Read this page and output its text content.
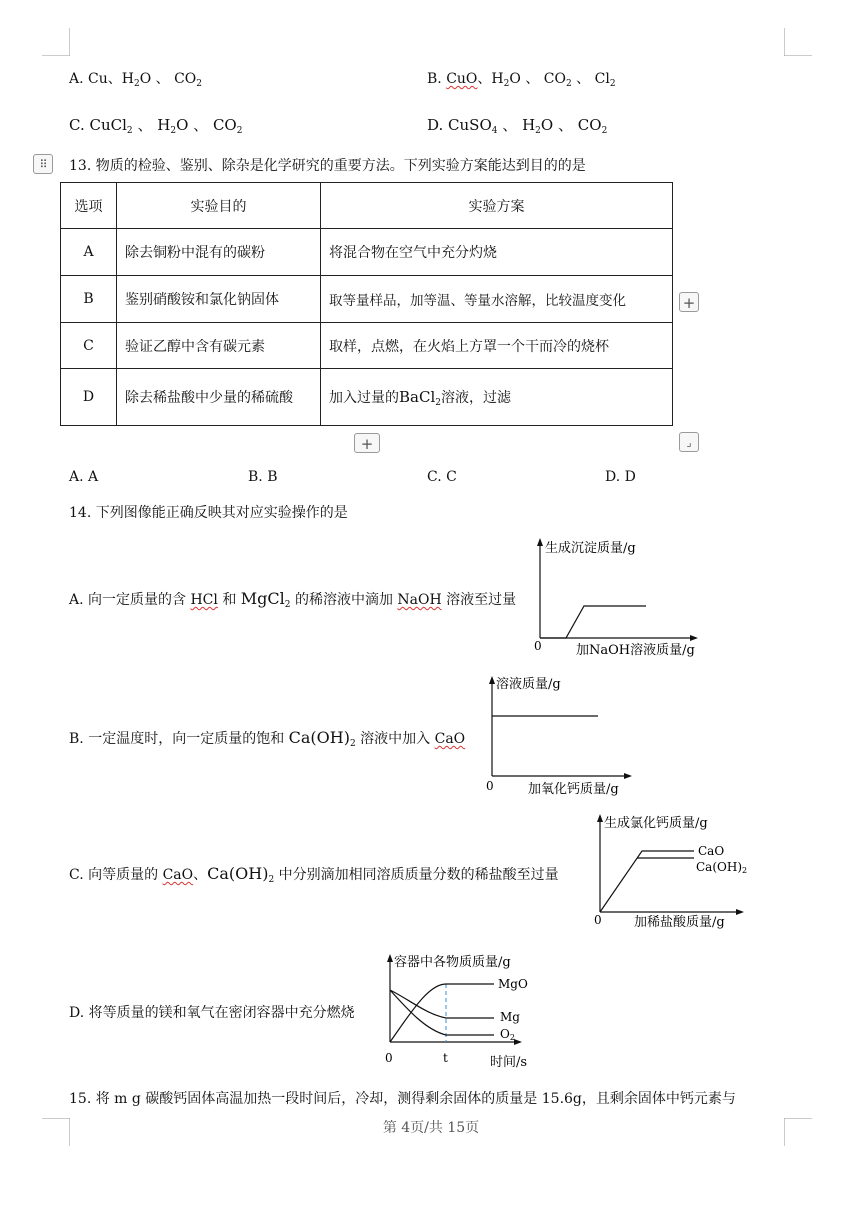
A. Cu、$H_2O$ 、 $CO_2$	B. CuO、$H_2O$ 、 $CO_2$ 、 $Cl_2$
C. CuCl$_2$ 、 $H_2O$ 、 $CO_2$	D. CuSO$_4$ 、 $H_2O$ 、 $CO_2$
⠿	13. 物质的检验、鉴别、除杂是化学研究的重要方法。下列实验方案能达到目的的是
选项	实验目的	实验方案
A	除去铜粉中混有的碳粉	将混合物在空气中充分灼烧
B	鉴别硝酸铵和氯化钠固体	取等量样品，加等温、等量水溶解，比较温度变化
C	验证乙醇中含有碳元素	取样，点燃，在火焰上方罩一个干而冷的烧杯
D	除去稀盐酸中少量的稀硫酸	加入过量的BaCl$_2$溶液，过滤
+
+	⌟
A. A	B. B	C. C	D. D
14. 下列图像能正确反映其对应实验操作的是
A. 向一定质量的含 HCl 和 MgCl$_2$ 的稀溶液中滴加 NaOH 溶液至过量
生成沉淀质量/g
加NaOH溶液质量/g
0
B. 一定温度时，向一定质量的饱和 $Ca(OH)_2$ 溶液中加入 CaO
溶液质量/g
加氧化钙质量/g
0
C. 向等质量的 CaO、$Ca(OH)_2$ 中分别滴加相同溶质质量分数的稀盐酸至过量
生成氯化钙质量/g
加稀盐酸质量/g
0
CaO
Ca(OH)2
D. 将等质量的镁和氧气在密闭容器中充分燃烧
容器中各物质质量/g
时间/s
0	t
MgO
Mg
O2
15. 将 m g 碳酸钙固体高温加热一段时间后，冷却，测得剩余固体的质量是 15.6g，且剩余固体中钙元素与
第 4页/共 15页
